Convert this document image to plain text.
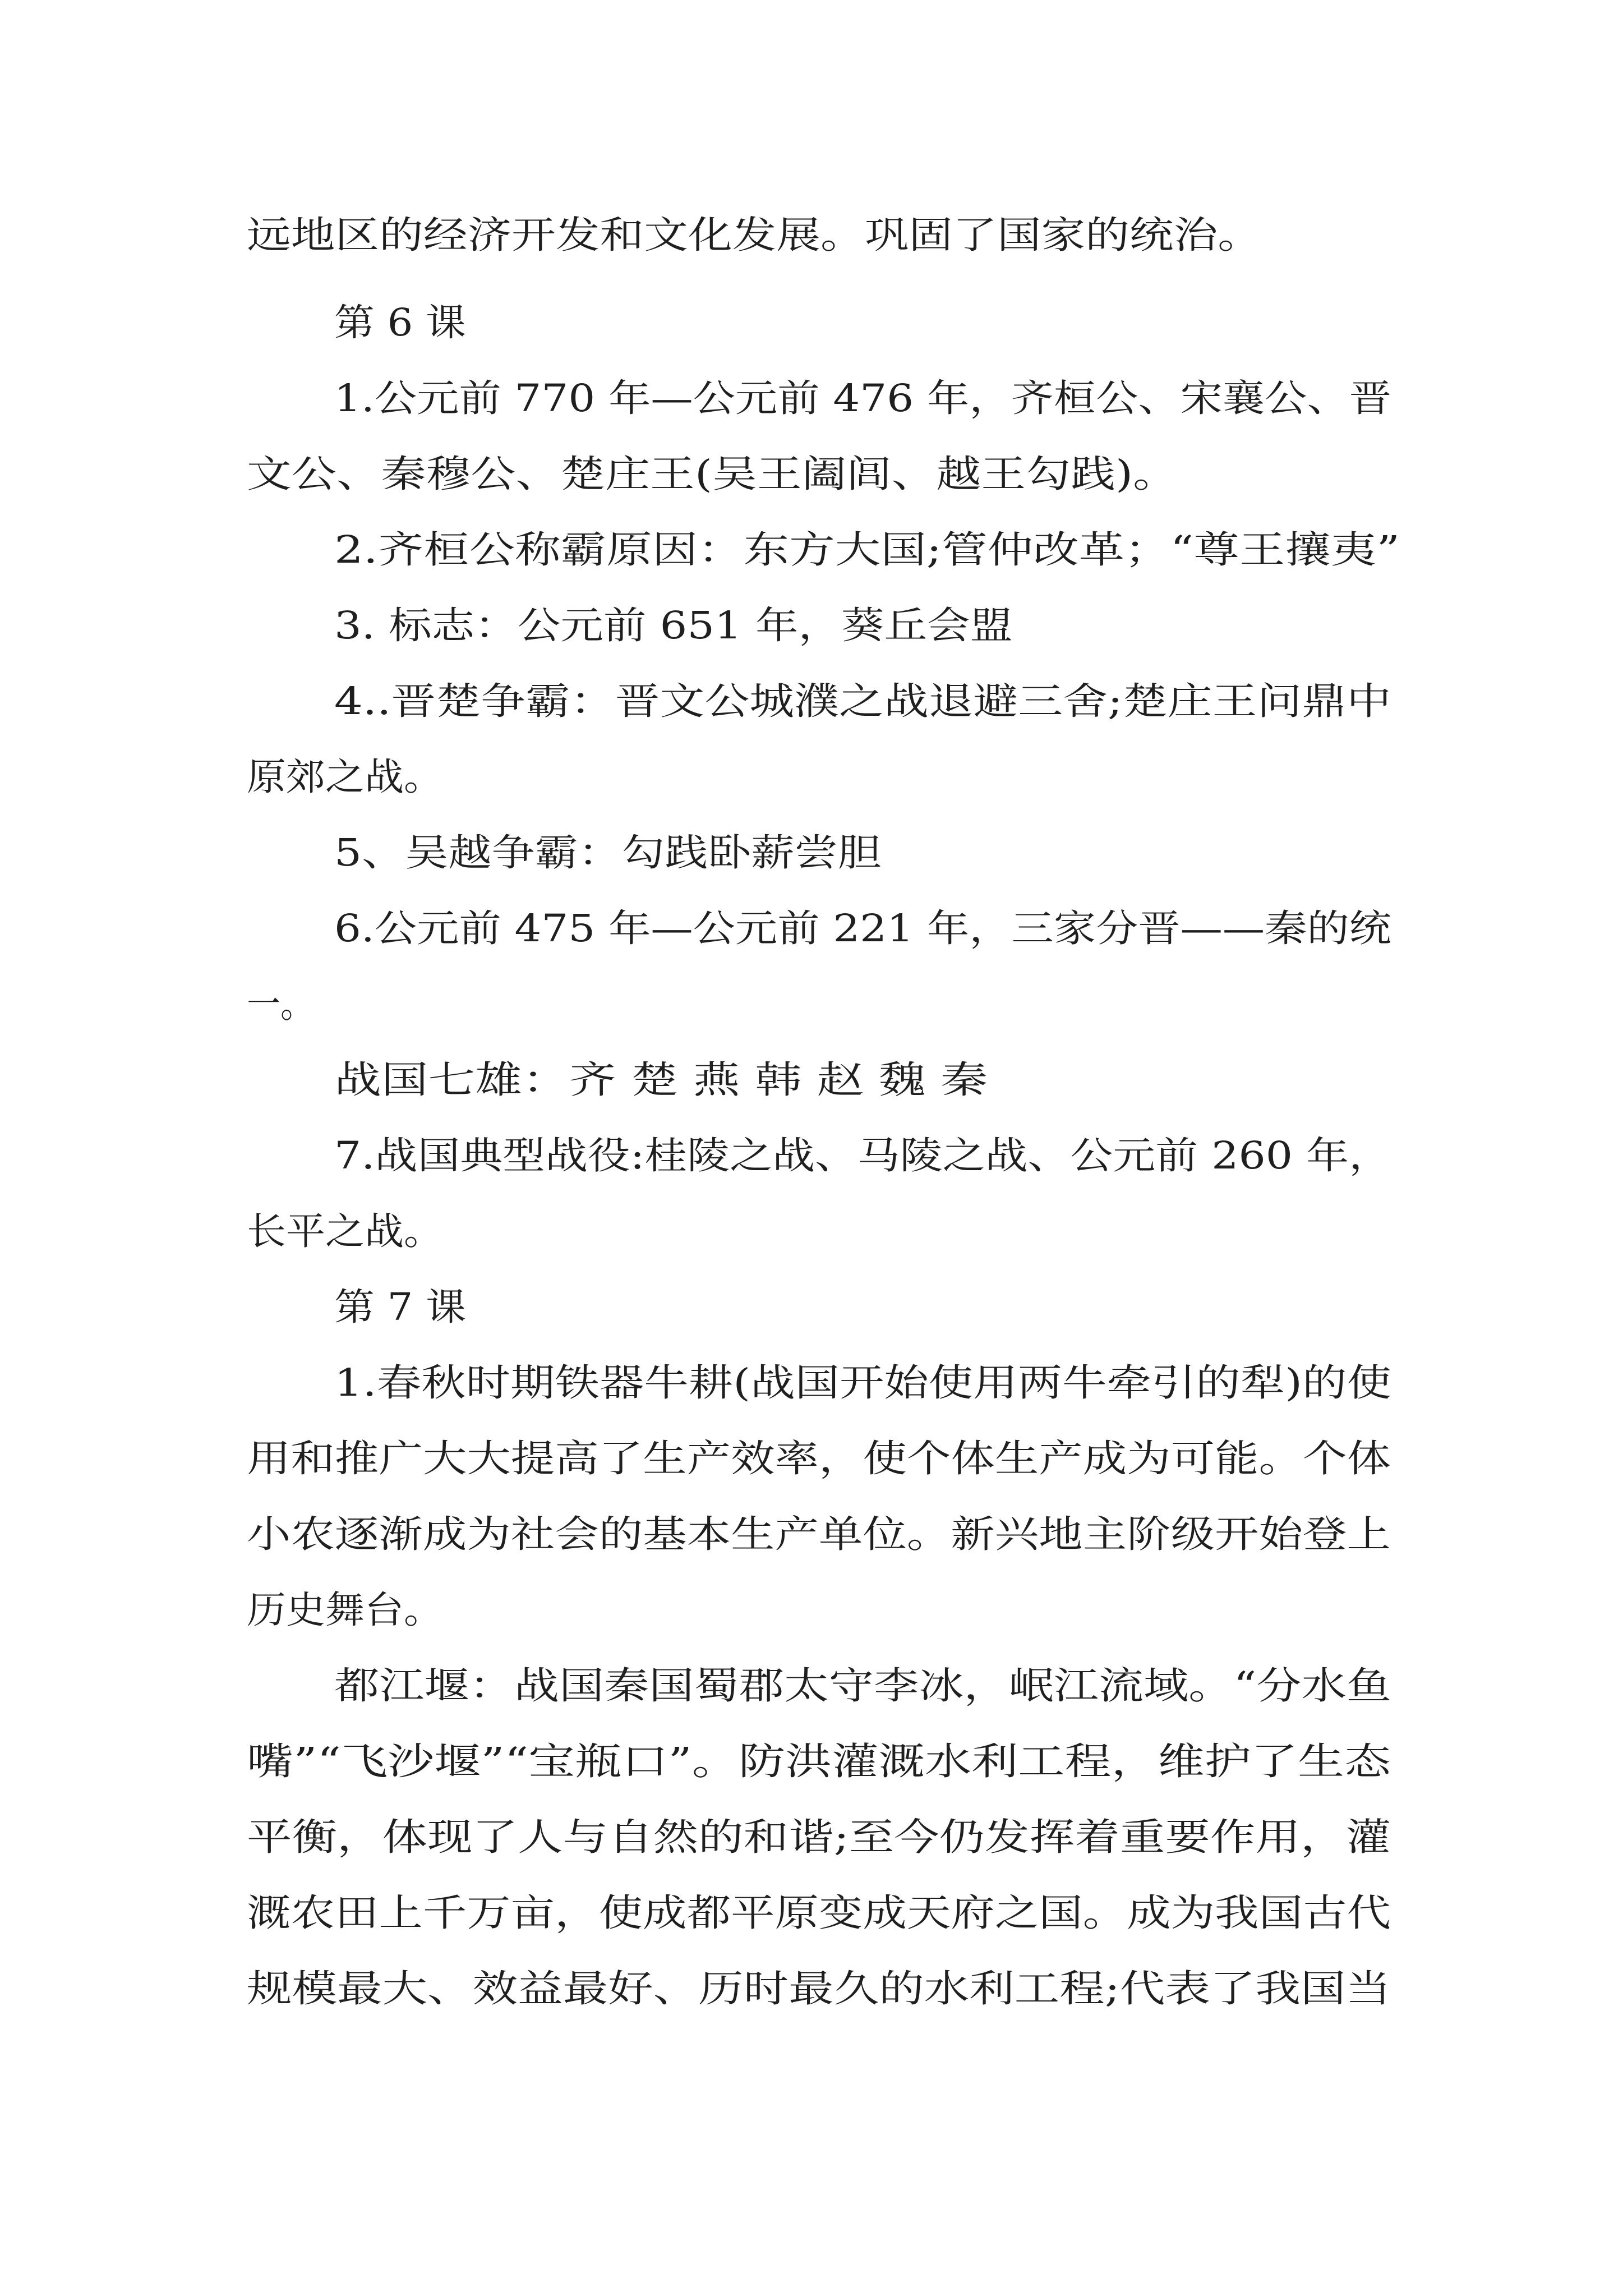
远地区的经济开发和文化发展。巩固了国家的统治。
第 6 课
1.公元前 770 年—公元前 476 年，齐桓公、宋襄公、晋
文公、秦穆公、楚庄王(吴王阖闾、越王勾践)。
2.齐桓公称霸原因：东方大国;管仲改革；“尊王攘夷”
3. 标志：公元前 651 年，葵丘会盟
4..晋楚争霸：晋文公城濮之战退避三舍;楚庄王问鼎中
原郊之战。
5、吴越争霸：勾践卧薪尝胆
6.公元前 475 年—公元前 221 年，三家分晋——秦的统
一。
战国七雄：齐 楚 燕 韩 赵 魏 秦
7.战国典型战役:桂陵之战、马陵之战、公元前 260 年，
长平之战。
第 7 课
1.春秋时期铁器牛耕(战国开始使用两牛牵引的犁)的使
用和推广大大提高了生产效率，使个体生产成为可能。个体
小农逐渐成为社会的基本生产单位。新兴地主阶级开始登上
历史舞台。
都江堰：战国秦国蜀郡太守李冰，岷江流域。“分水鱼
嘴”“飞沙堰”“宝瓶口”。防洪灌溉水利工程，维护了生态
平衡，体现了人与自然的和谐;至今仍发挥着重要作用，灌
溉农田上千万亩，使成都平原变成天府之国。成为我国古代
规模最大、效益最好、历时最久的水利工程;代表了我国当
